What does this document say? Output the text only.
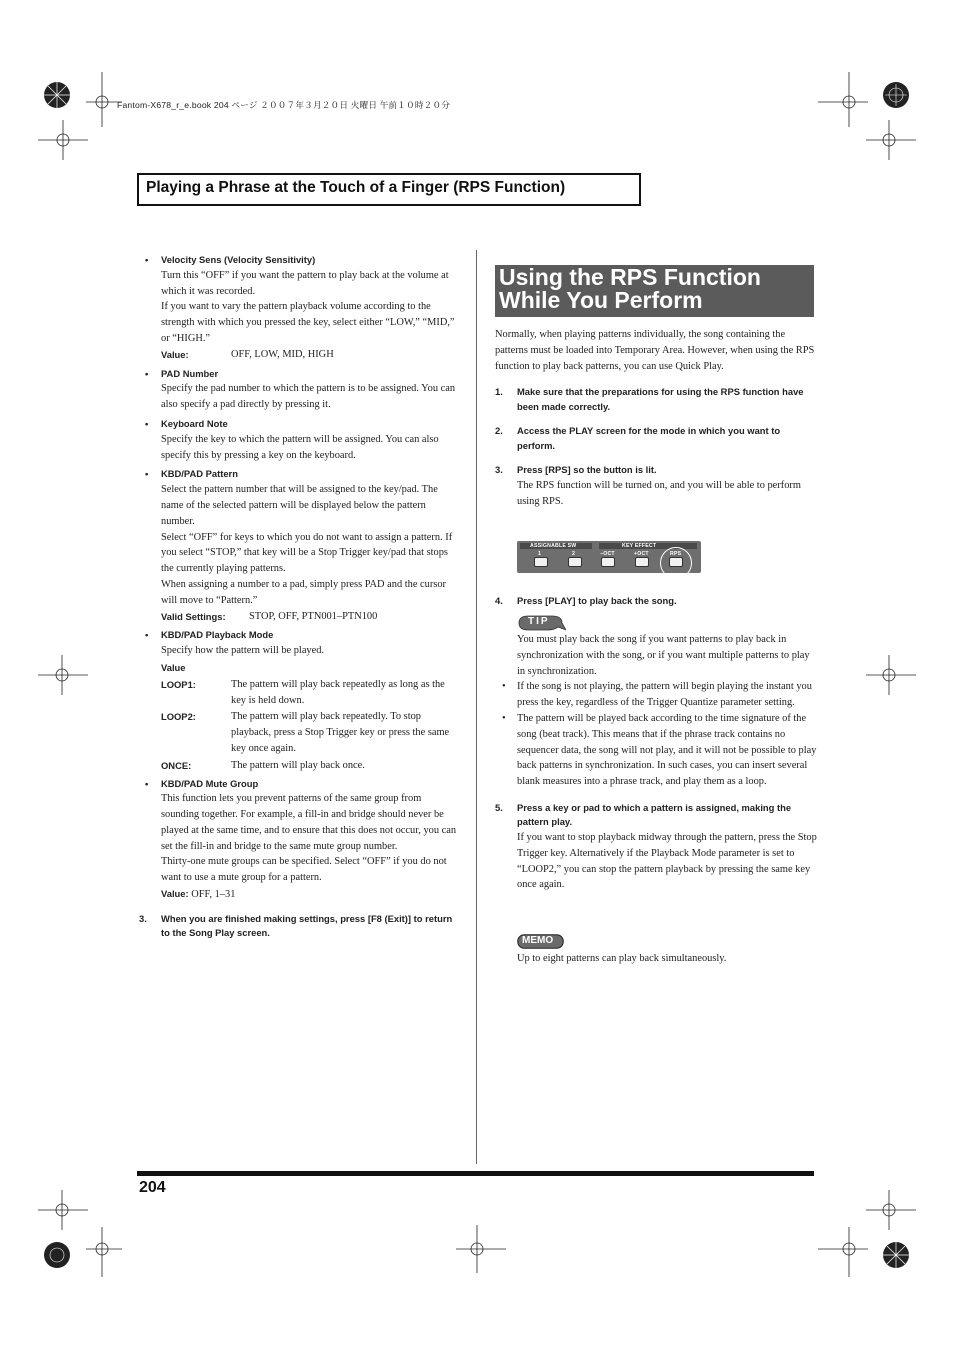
Fantom-X678_r_e.book 204 ページ ２００７年３月２０日 火曜日 午前１０時２０分
Playing a Phrase at the Touch of a Finger (RPS Function)
• Velocity Sens (Velocity Sensitivity)
Turn this “OFF” if you want the pattern to play back at the volume at which it was recorded.
If you want to vary the pattern playback volume according to the strength with which you pressed the key, select either “LOW,” “MID,” or “HIGH.”
Value:	OFF, LOW, MID, HIGH
• PAD Number
Specify the pad number to which the pattern is to be assigned. You can also specify a pad directly by pressing it.
• Keyboard Note
Specify the key to which the pattern will be assigned. You can also specify this by pressing a key on the keyboard.
• KBD/PAD Pattern
Select the pattern number that will be assigned to the key/pad. The name of the selected pattern will be displayed below the pattern number.
Select “OFF” for keys to which you do not want to assign a pattern. If you select “STOP,” that key will be a Stop Trigger key/pad that stops the currently playing patterns.
When assigning a number to a pad, simply press PAD and the cursor will move to “Pattern.”
Valid Settings:	STOP, OFF, PTN001–PTN100
• KBD/PAD Playback Mode
Specify how the pattern will be played.
Value
LOOP1:	The pattern will play back repeatedly as long as the key is held down.
LOOP2:	The pattern will play back repeatedly. To stop playback, press a Stop Trigger key or press the same key once again.
ONCE:	The pattern will play back once.
• KBD/PAD Mute Group
This function lets you prevent patterns of the same group from sounding together. For example, a fill-in and bridge should never be played at the same time, and to ensure that this does not occur, you can set the fill-in and bridge to the same mute group number.
Thirty-one mute groups can be specified. Select “OFF” if you do not want to use a mute group for a pattern.
Value: OFF, 1–31
3.	When you are finished making settings, press [F8 (Exit)] to return to the Song Play screen.
Using the RPS Function
While You Perform
Normally, when playing patterns individually, the song containing the patterns must be loaded into Temporary Area. However, when using the RPS function to play back patterns, you can use Quick Play.
1.	Make sure that the preparations for using the RPS function have been made correctly.
2.	Access the PLAY screen for the mode in which you want to perform.
3.	Press [RPS] so the button is lit.
The RPS function will be turned on, and you will be able to perform using RPS.
ASSIGNABLE SW	KEY EFFECT
1	2	−OCT	+OCT	RPS
4.	Press [PLAY] to play back the song.
TIP
You must play back the song if you want patterns to play back in synchronization with the song, or if you want multiple patterns to play in synchronization.
• If the song is not playing, the pattern will begin playing the instant you press the key, regardless of the Trigger Quantize parameter setting.
• The pattern will be played back according to the time signature of the song (beat track). This means that if the phrase track contains no sequencer data, the song will not play, and it will not be possible to play back patterns in synchronization. In such cases, you can insert several blank measures into a phrase track, and play them as a loop.
5.	Press a key or pad to which a pattern is assigned, making the pattern play.
If you want to stop playback midway through the pattern, press the Stop Trigger key. Alternatively if the Playback Mode parameter is set to “LOOP2,” you can stop the pattern playback by pressing the same key once again.
MEMO
Up to eight patterns can play back simultaneously.
204
